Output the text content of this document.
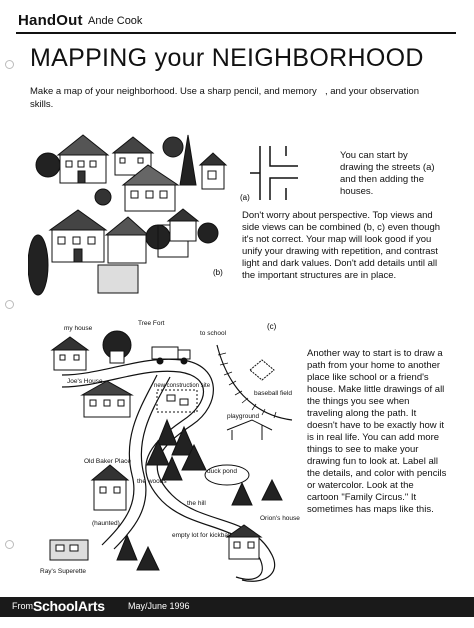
HandOut Ande Cook
MAPPING your NEIGHBORHOOD
Make a map of your neighborhood. Use a sharp pencil, and memory skills.
, and your observation
(a)
(b)
You can start by drawing the streets (a) and then adding the houses.
Don't worry about perspective. Top views and side views can be combined (b, c) even though it's not correct. Your map will look good if you unify your drawing with repetition, and contrast light and dark values. Don't add details until all the important structures are in place.
Another way to start is to draw a path from your home to another place like school or a friend's house. Make little drawings of all the things you see when traveling along the path. It doesn't have to be exactly how it is in real life. You can add more things to see to make your drawing fun to look at. Label all the details, and color with pencils or watercolor. Look at the cartoon "Family Circus." It sometimes has maps like this.
(c)
my house
Tree Fort
to school
Joe's House
new construction site
baseball field
playground
Old Baker Place
(haunted)
the woods
duck pond
the hill
Orion's house
empty lot for kickball
Ray's Superette
From SchoolArts	May/June 1996
